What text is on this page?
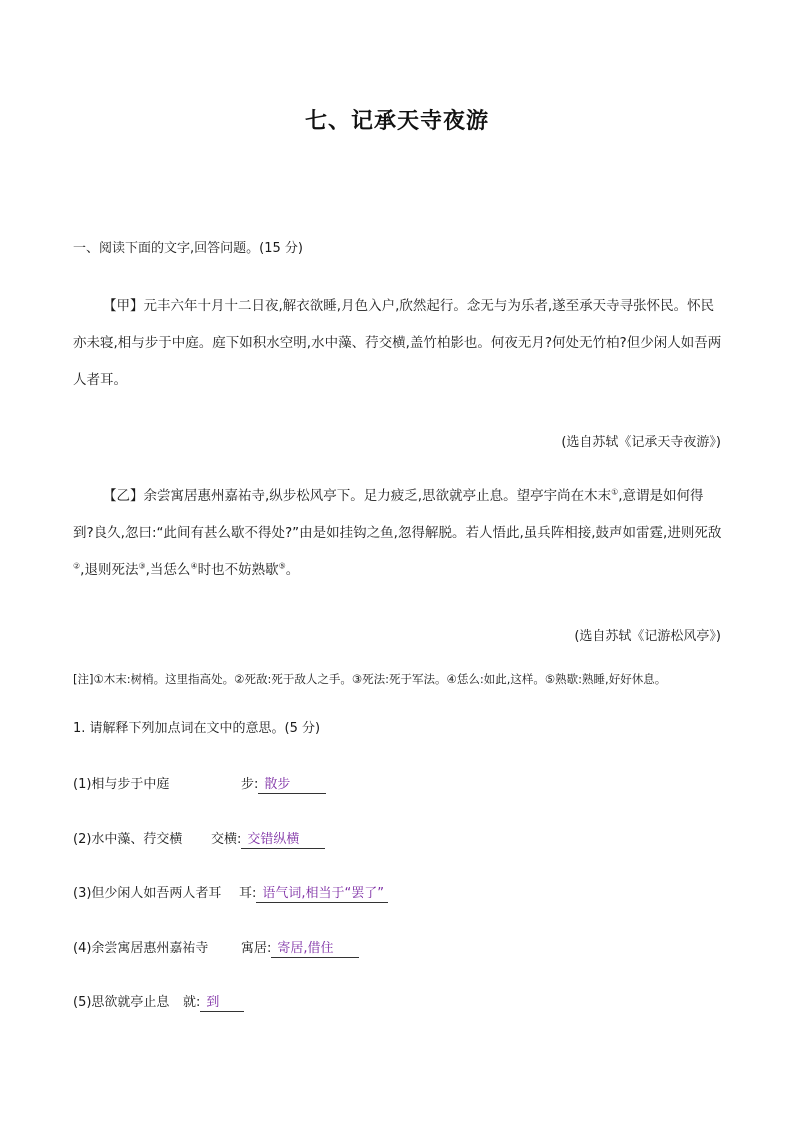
七、记承天寺夜游
一、阅读下面的文字,回答问题。(15 分)
【甲】元丰六年十月十二日夜,解衣欲睡,月色入户,欣然起行。念无与为乐者,遂至承天寺寻张怀民。怀民亦未寝,相与步于中庭。庭下如积水空明,水中藻、荇交横,盖竹柏影也。何夜无月?何处无竹柏?但少闲人如吾两人者耳。
(选自苏轼《记承天寺夜游》)
【乙】余尝寓居惠州嘉祐寺,纵步松风亭下。足力疲乏,思欲就亭止息。望亭宇尚在木末①,意谓是如何得到?良久,忽曰:“此间有甚么歇不得处?”由是如挂钩之鱼,忽得解脱。若人悟此,虽兵阵相接,鼓声如雷霆,进则死敌②,退则死法③,当恁么④时也不妨熟歇⑤。
(选自苏轼《记游松风亭》)
[注]①木末:树梢。这里指高处。②死敌:死于敌人之手。③死法:死于军法。④恁么:如此,这样。⑤熟歇:熟睡,好好休息。
1. 请解释下列加点词在文中的意思。(5 分)
(1)相与步于中庭	步: 散步
(2)水中藻、荇交横 交横: 交错纵横
(3)但少闲人如吾两人者耳 耳: 语气词,相当于“罢了”
(4)余尝寓居惠州嘉祐寺	寓居: 寄居,借住
(5)思欲就亭止息 就: 到
